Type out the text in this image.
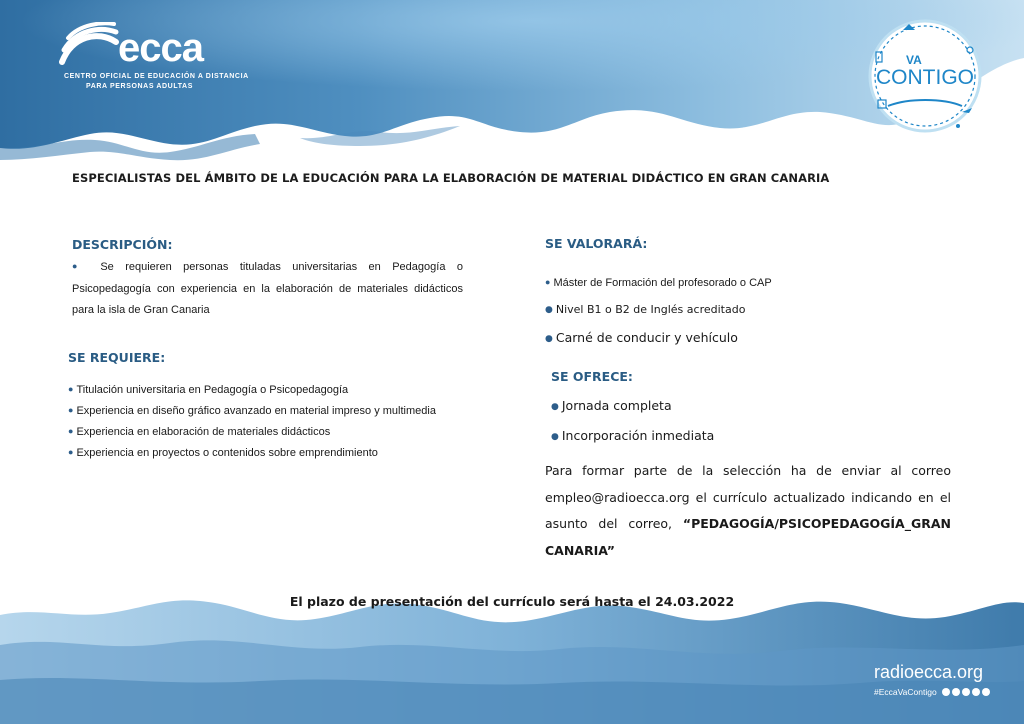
ecca
CENTRO OFICIAL DE EDUCACIÓN A DISTANCIA
PARA PERSONAS ADULTAS
VA
CONTIGO
ESPECIALISTAS DEL ÁMBITO DE LA EDUCACIÓN PARA LA ELABORACIÓN DE MATERIAL DIDÁCTICO EN GRAN CANARIA
DESCRIPCIÓN:
● Se requieren personas tituladas universitarias en Pedagogía o Psicopedagogía con experiencia en la elaboración de materiales didácticos para la isla de Gran Canaria
SE REQUIERE:
● Titulación universitaria en Pedagogía o Psicopedagogía
● Experiencia en diseño gráfico avanzado en material impreso y multimedia
● Experiencia en elaboración de materiales didácticos
● Experiencia en proyectos o contenidos sobre emprendimiento
SE VALORARÁ:
● Máster de Formación del profesorado o CAP
● Nivel B1 o B2 de Inglés acreditado
● Carné de conducir y vehículo
SE OFRECE:
● Jornada completa
● Incorporación inmediata
Para formar parte de la selección ha de enviar al correo empleo@radioecca.org el currículo actualizado indicando en el asunto del correo, “PEDAGOGÍA/PSICOPEDAGOGÍA_GRAN CANARIA”
El plazo de presentación del currículo será hasta el 24.03.2022
radioecca.org
#EccaVaContigo
